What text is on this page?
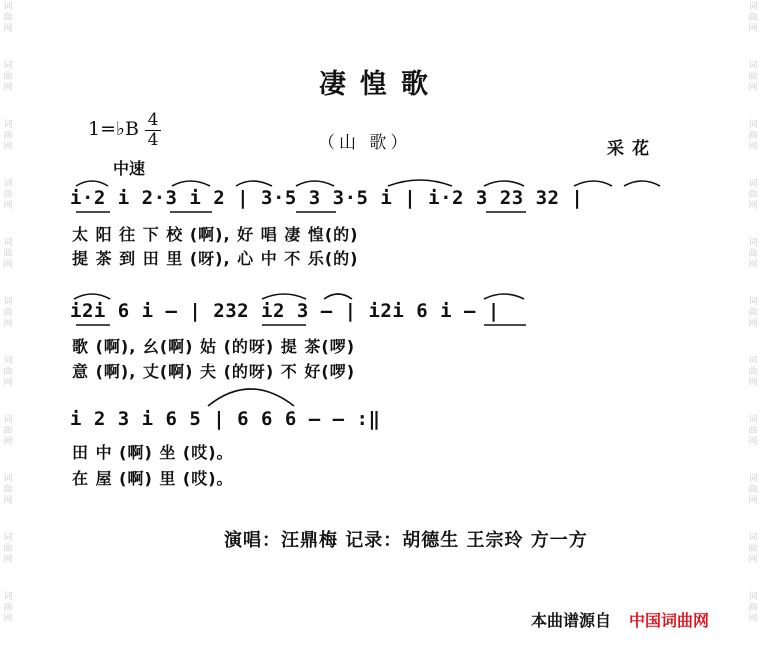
词
曲
网
词
曲
网
词
曲
网
词
曲
网
词
曲
网
词
曲
网
词
曲
网
词
曲
网
词
曲
网
词
曲
网
词
曲
网
词
曲
网
词
曲
网
词
曲
网
词
曲
网
词
曲
网
词
曲
网
词
曲
网
词
曲
网
词
曲
网
词
曲
网
词
曲
网
凄惶歌
1=♭B 4
4	（山 歌）	采花
中速
i·2 i 2·3 i 2 | 3·5 3 3·5 i | i·2 3 23 32 |
太 阳 往 下 校 (啊), 好 唱 凄 惶(的)
提 茶 到 田 里 (呀), 心 中 不 乐(的)
i2i 6 i – | 232 i2 3 – | i2i 6 i – |
歌 (啊), 幺(啊) 姑 (的呀) 提 茶(啰)
意 (啊), 丈(啊) 夫 (的呀) 不 好(啰)
i 2 3 i 6 5 | 6 6 6 – – :‖
田 中 (啊) 坐 (哎)。
在 屋 (啊) 里 (哎)。
演唱：汪鼎梅 记录：胡德生 王宗玲 方一方
本曲谱源自 中国词曲网
